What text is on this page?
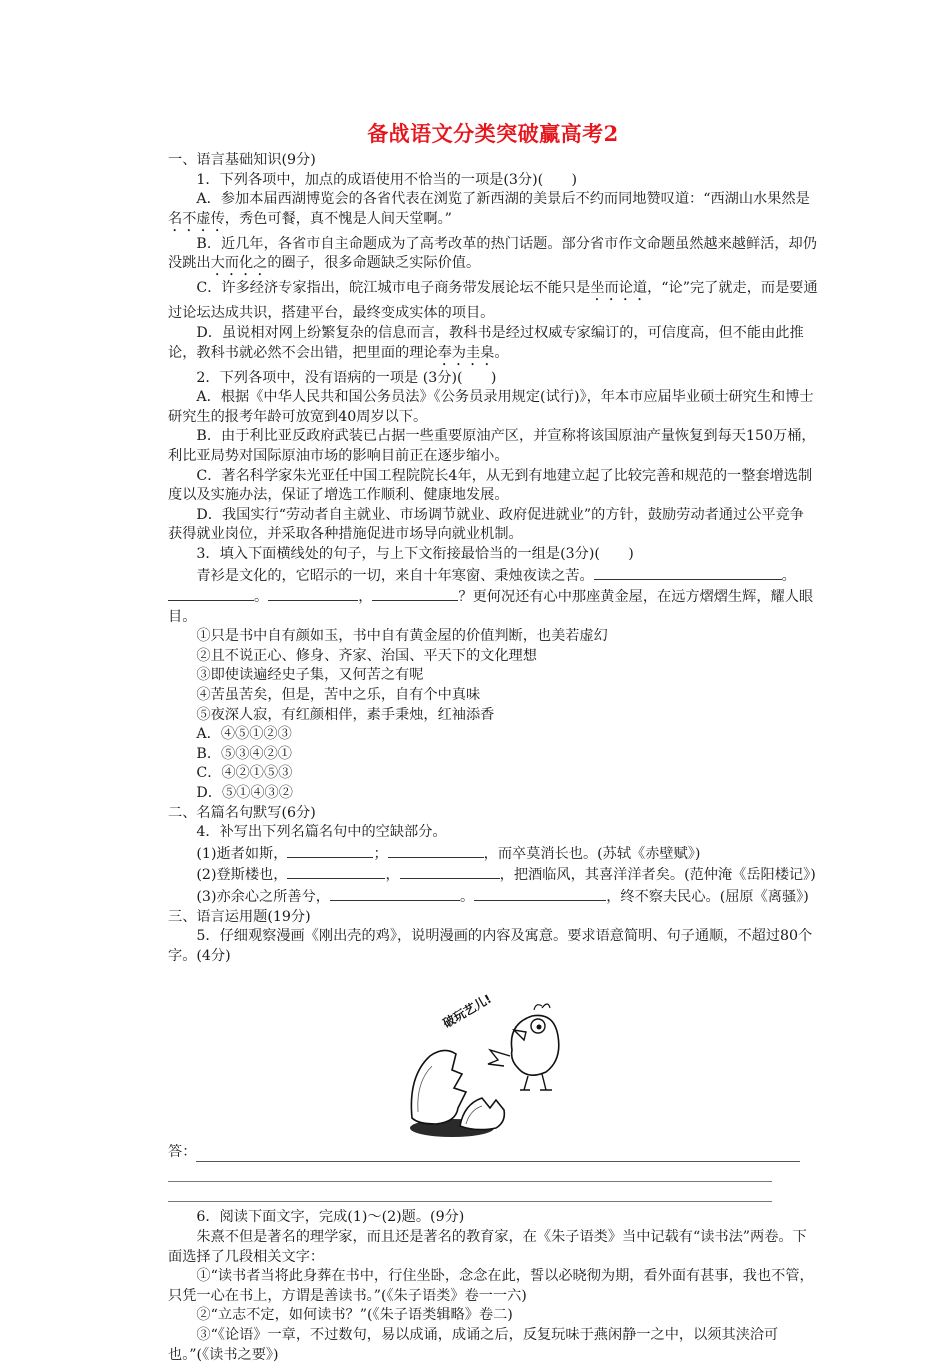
备战语文分类突破赢高考2

一、语言基础知识(9分)

1．下列各项中，加点的成语使用不恰当的一项是(3分)(　　)

A．参加本届西湖博览会的各省代表在浏览了新西湖的美景后不约而同地赞叹道：“西湖山水果然是名不虚传，秀色可餐，真不愧是人间天堂啊。”

B．近几年，各省市自主命题成为了高考改革的热门话题。部分省市作文命题虽然越来越鲜活，却仍没跳出大而化之的圈子，很多命题缺乏实际价值。

C．许多经济专家指出，皖江城市电子商务带发展论坛不能只是坐而论道，“论”完了就走，而是要通过论坛达成共识，搭建平台，最终变成实体的项目。

D．虽说相对网上纷繁复杂的信息而言，教科书是经过权威专家编订的，可信度高，但不能由此推论，教科书就必然不会出错，把里面的理论奉为圭臬。

2．下列各项中，没有语病的一项是 (3分)(　　)

A．根据《中华人民共和国公务员法》《公务员录用规定(试行)》，年本市应届毕业硕士研究生和博士研究生的报考年龄可放宽到40周岁以下。

B．由于利比亚反政府武装已占据一些重要原油产区，并宣称将该国原油产量恢复到每天150万桶，利比亚局势对国际原油市场的影响目前正在逐步缩小。

C．著名科学家朱光亚任中国工程院院长4年，从无到有地建立起了比较完善和规范的一整套增选制度以及实施办法，保证了增选工作顺利、健康地发展。

D．我国实行“劳动者自主就业、市场调节就业、政府促进就业”的方针，鼓励劳动者通过公平竞争获得就业岗位，并采取各种措施促进市场导向就业机制。

3．填入下面横线处的句子，与上下文衔接最恰当的一组是(3分)(　　)

青衫是文化的，它昭示的一切，来自十年寒窗、秉烛夜读之苦。	。。	，	？更何况还有心中那座黄金屋，在远方熠熠生辉，耀人眼目。

①只是书中自有颜如玉，书中自有黄金屋的价值判断，也美若虚幻

②且不说正心、修身、齐家、治国、平天下的文化理想

③即使读遍经史子集，又何苦之有呢

④苦虽苦矣，但是，苦中之乐，自有个中真味

⑤夜深人寂，有红颜相伴，素手秉烛，红袖添香

A．④⑤①②③

B．⑤③④②①

C．④②①⑤③

D．⑤①④③②

二、名篇名句默写(6分)

4．补写出下列名篇名句中的空缺部分。

(1)逝者如斯，	；	，而卒莫消长也。(苏轼《赤壁赋》)

(2)登斯楼也，	，	，把酒临风，其喜洋洋者矣。(范仲淹《岳阳楼记》)

(3)亦余心之所善兮，	。	，终不察夫民心。(屈原《离骚》)

三、语言运用题(19分)

5．仔细观察漫画《刚出壳的鸡》，说明漫画的内容及寓意。要求语意简明、句子通顺，不超过80个字。(4分)

破玩艺儿!
答：

6．阅读下面文字，完成(1)～(2)题。(9分)

朱熹不但是著名的理学家，而且还是著名的教育家，在《朱子语类》当中记载有“读书法”两卷。下面选择了几段相关文字：

①“读书者当将此身葬在书中，行住坐卧，念念在此，誓以必晓彻为期，看外面有甚事，我也不管，只凭一心在书上，方谓是善读书。”(《朱子语类》卷一一六)

②“立志不定，如何读书？”(《朱子语类辑略》卷二)

③“《论语》一章，不过数句，易以成诵，成诵之后，反复玩味于燕闲静一之中，以须其浃洽可也。”(《读书之要》)
